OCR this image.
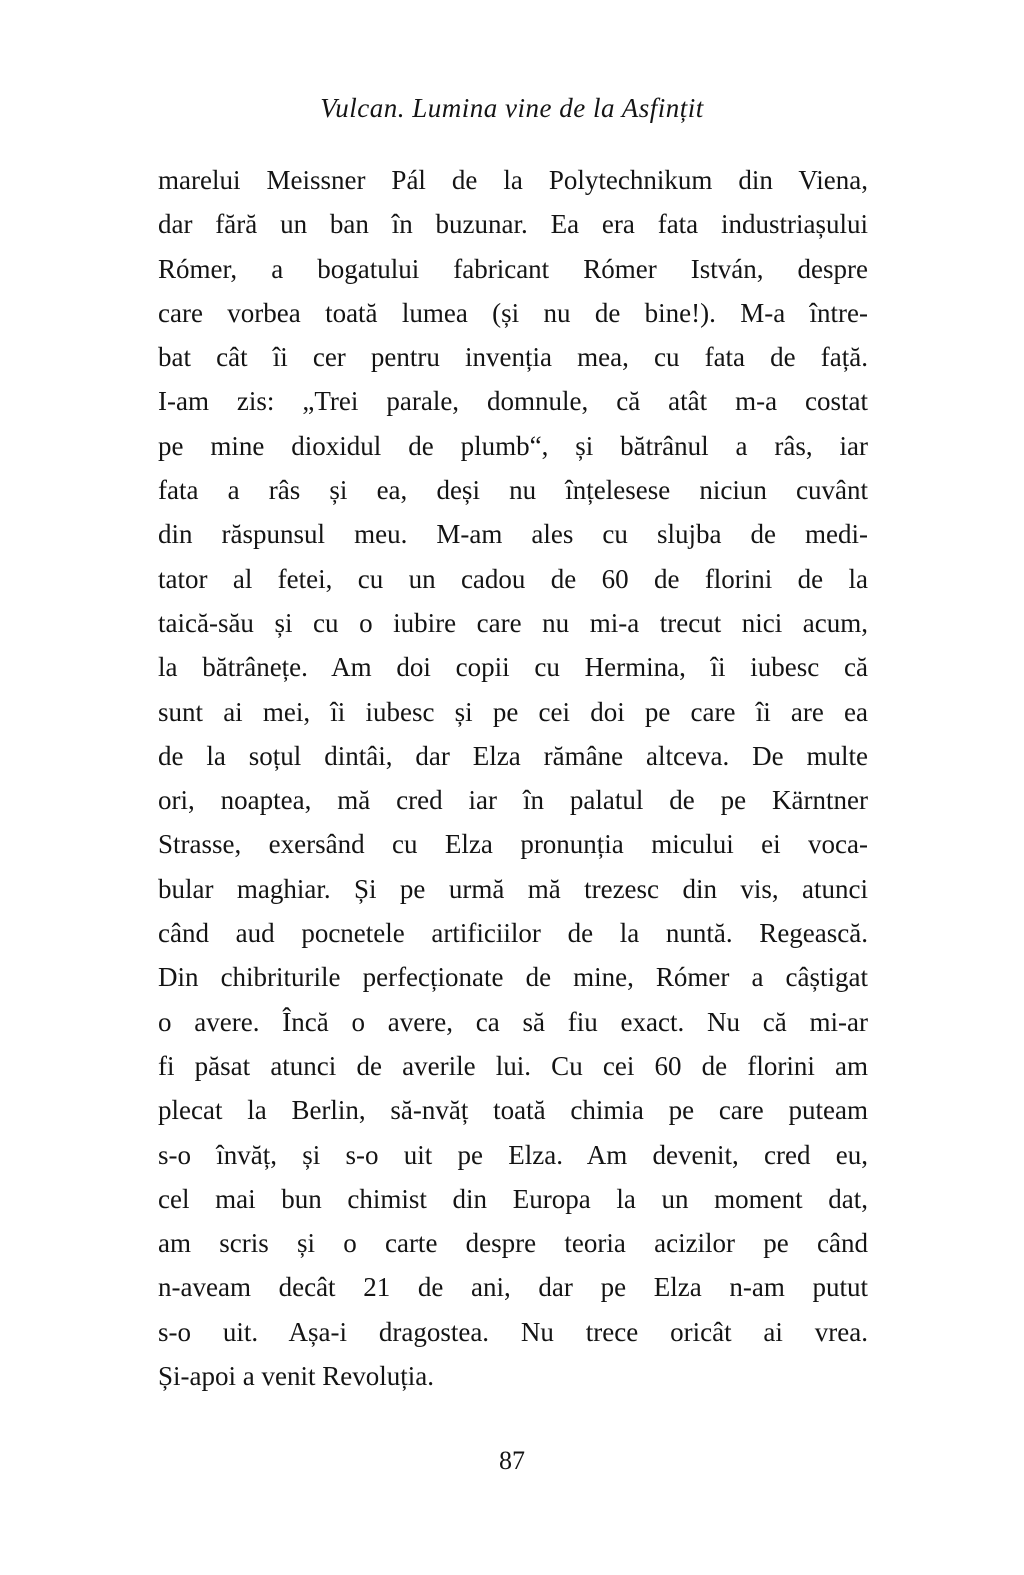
Vulcan. Lumina vine de la Asfințit
marelui Meissner Pál de la Polytechnikum din Viena,
dar fără un ban în buzunar. Ea era fata industriașului
Rómer, a bogatului fabricant Rómer István, despre
care vorbea toată lumea (și nu de bine!). M-a între-
bat cât îi cer pentru invenția mea, cu fata de față.
I-am zis: „Trei parale, domnule, că atât m-a costat
pe mine dioxidul de plumb“, și bătrânul a râs, iar
fata a râs și ea, deși nu înțelesese niciun cuvânt
din răspunsul meu. M-am ales cu slujba de medi-
tator al fetei, cu un cadou de 60 de florini de la
taică-său și cu o iubire care nu mi-a trecut nici acum,
la bătrânețe. Am doi copii cu Hermina, îi iubesc că
sunt ai mei, îi iubesc și pe cei doi pe care îi are ea
de la soțul dintâi, dar Elza rămâne altceva. De multe
ori, noaptea, mă cred iar în palatul de pe Kärntner
Strasse, exersând cu Elza pronunția micului ei voca-
bular maghiar. Și pe urmă mă trezesc din vis, atunci
când aud pocnetele artificiilor de la nuntă. Regească.
Din chibriturile perfecționate de mine, Rómer a câștigat
o avere. Încă o avere, ca să fiu exact. Nu că mi-ar
fi păsat atunci de averile lui. Cu cei 60 de florini am
plecat la Berlin, să-nvăț toată chimia pe care puteam
s-o învăț, și s-o uit pe Elza. Am devenit, cred eu,
cel mai bun chimist din Europa la un moment dat,
am scris și o carte despre teoria acizilor pe când
n-aveam decât 21 de ani, dar pe Elza n-am putut
s-o uit. Așa-i dragostea. Nu trece oricât ai vrea.
Și-apoi a venit Revoluția.
87
